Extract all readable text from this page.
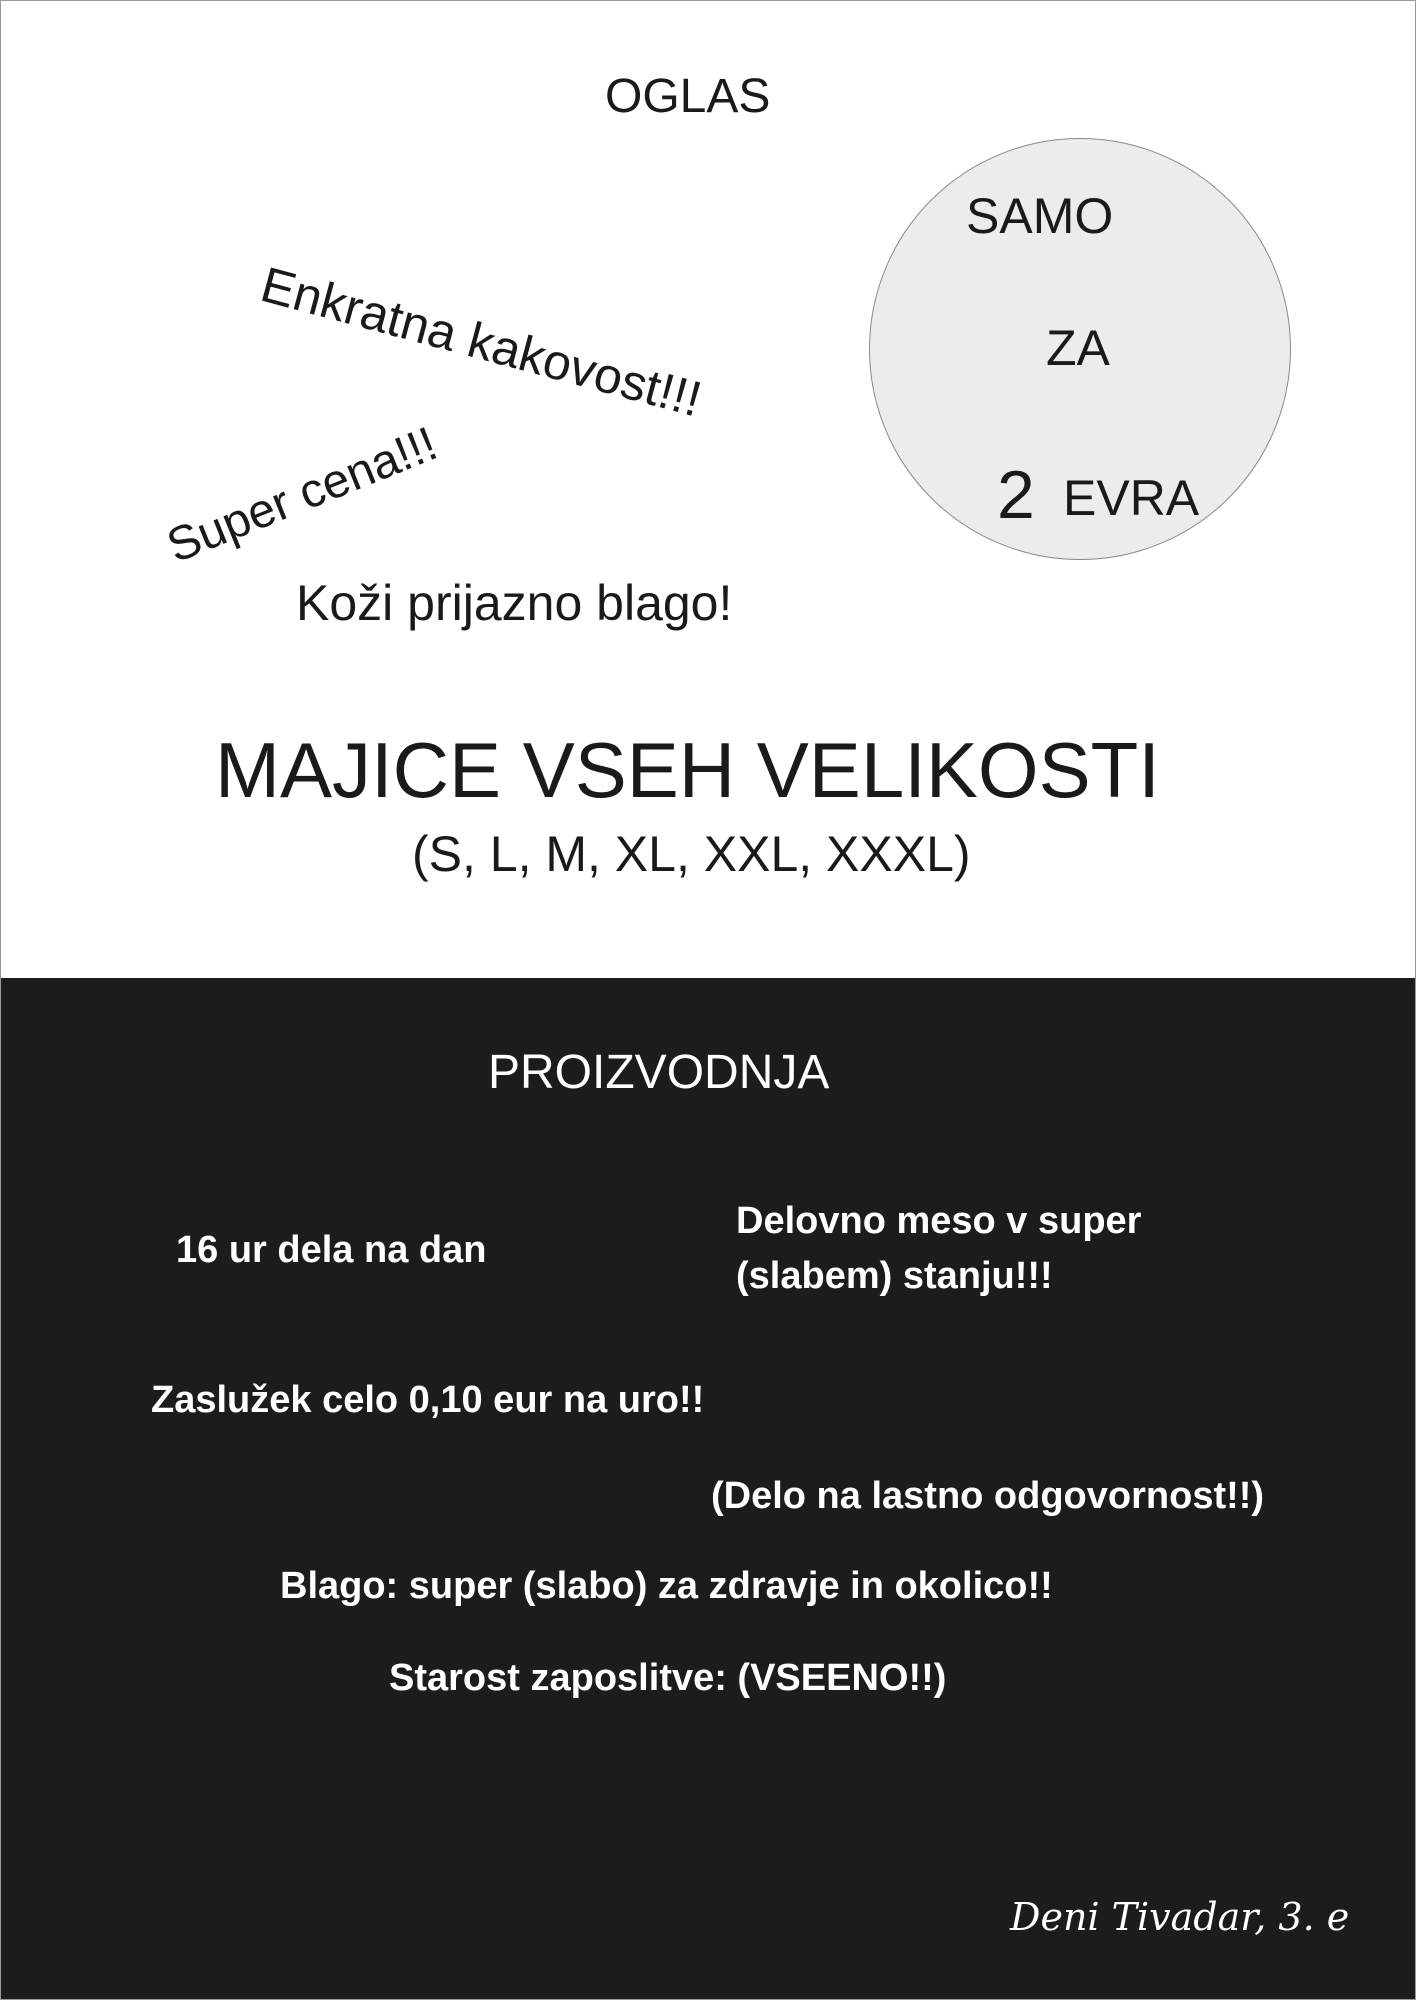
OGLAS
Enkratna kakovost!!!
Super cena!!!
Koži prijazno blago!
SAMO
ZA
2 EVRA
MAJICE VSEH VELIKOSTI
(S, L, M, XL, XXL, XXXL)
PROIZVODNJA
16 ur dela na dan
Delovno meso v super
(slabem) stanju!!!
Zaslužek celo 0,10 eur na uro!!
(Delo na lastno odgovornost!!)
Blago: super (slabo) za zdravje in okolico!!
Starost zaposlitve: (VSEENO!!)
Deni Tivadar, 3. e
